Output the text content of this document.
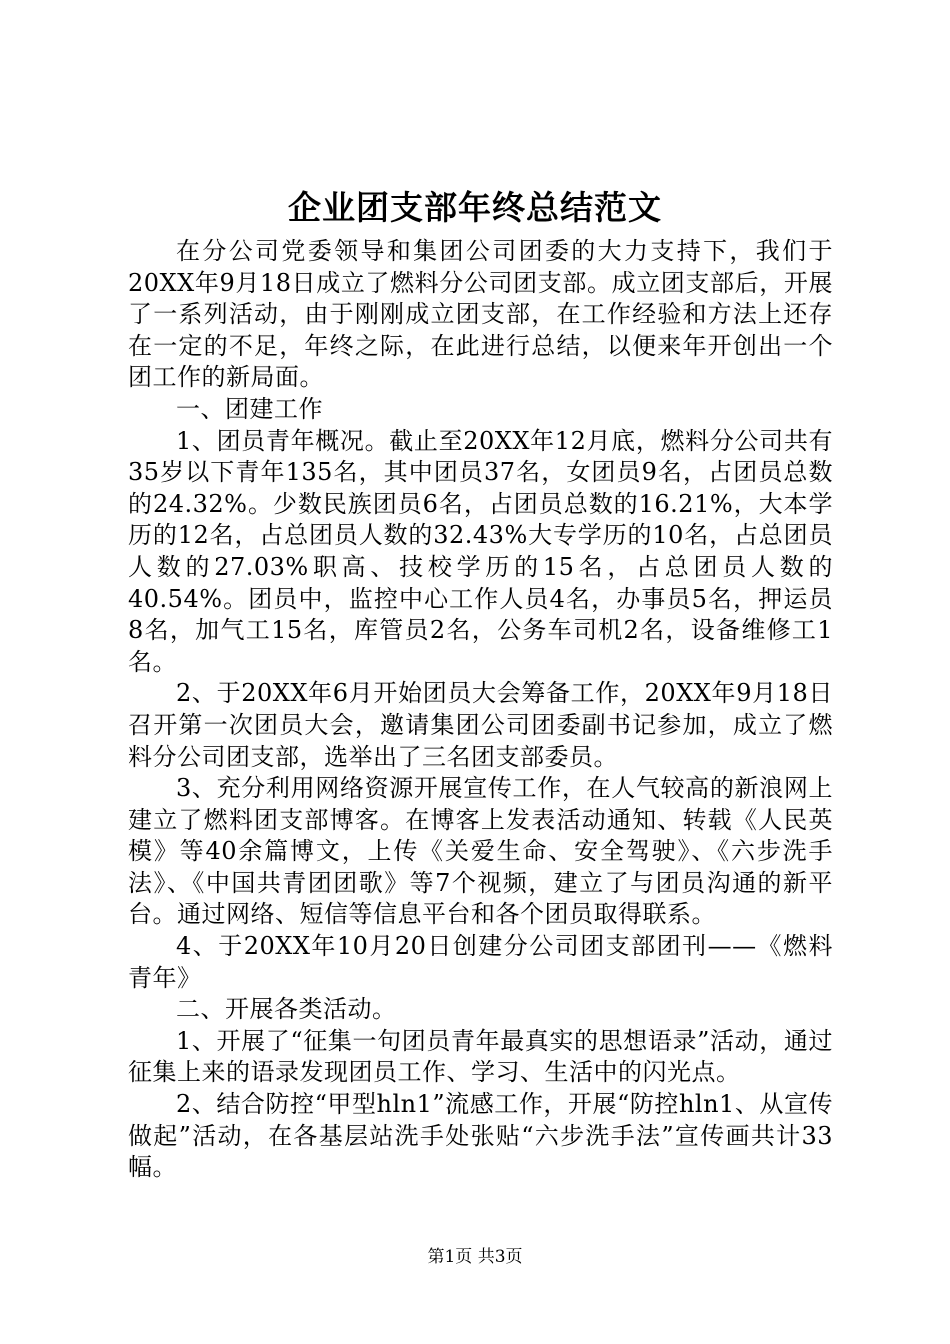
企业团支部年终总结范文

在分公司党委领导和集团公司团委的大力支持下，我们于20XX年9月18日成立了燃料分公司团支部。成立团支部后，开展了一系列活动，由于刚刚成立团支部，在工作经验和方法上还存在一定的不足，年终之际，在此进行总结，以便来年开创出一个团工作的新局面。

一、团建工作

1、团员青年概况。截止至20XX年12月底，燃料分公司共有35岁以下青年135名，其中团员37名，女团员9名，占团员总数的24.32%。少数民族团员6名，占团员总数的16.21%，大本学历的12名，占总团员人数的32.43%大专学历的10名，占总团员人数的27.03%职高、技校学历的15名，占总团员人数的40.54%。团员中，监控中心工作人员4名，办事员5名，押运员8名，加气工15名，库管员2名，公务车司机2名，设备维修工1名。

2、于20XX年6月开始团员大会筹备工作，20XX年9月18日召开第一次团员大会，邀请集团公司团委副书记参加，成立了燃料分公司团支部，选举出了三名团支部委员。

3、充分利用网络资源开展宣传工作，在人气较高的新浪网上建立了燃料团支部博客。在博客上发表活动通知、转载《人民英模》等40余篇博文，上传《关爱生命、安全驾驶》、《六步洗手法》、《中国共青团团歌》等7个视频，建立了与团员沟通的新平台。通过网络、短信等信息平台和各个团员取得联系。

4、于20XX年10月20日创建分公司团支部团刊——《燃料青年》

二、开展各类活动。

1、开展了“征集一句团员青年最真实的思想语录”活动，通过征集上来的语录发现团员工作、学习、生活中的闪光点。

2、结合防控“甲型hln1”流感工作，开展“防控hln1、从宣传做起”活动，在各基层站洗手处张贴“六步洗手法”宣传画共计33幅。

第1页 共3页
